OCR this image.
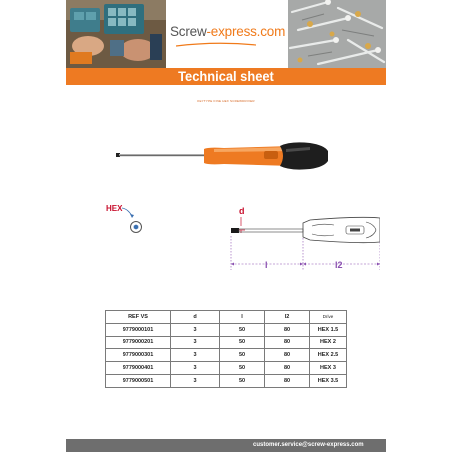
Screw-express.com
Technical sheet
KEYTYPE FINE HEX SCREWDRIVER
HEX	d
l	l2
REF VS	d	l	l2	Drive
9779000101	3	50	80	HEX 1.5
9779000201	3	50	80	HEX 2
9779000301	3	50	80	HEX 2.5
9779000401	3	50	80	HEX 3
9779000501	3	50	80	HEX 3.5
customer.service@screw-express.com
